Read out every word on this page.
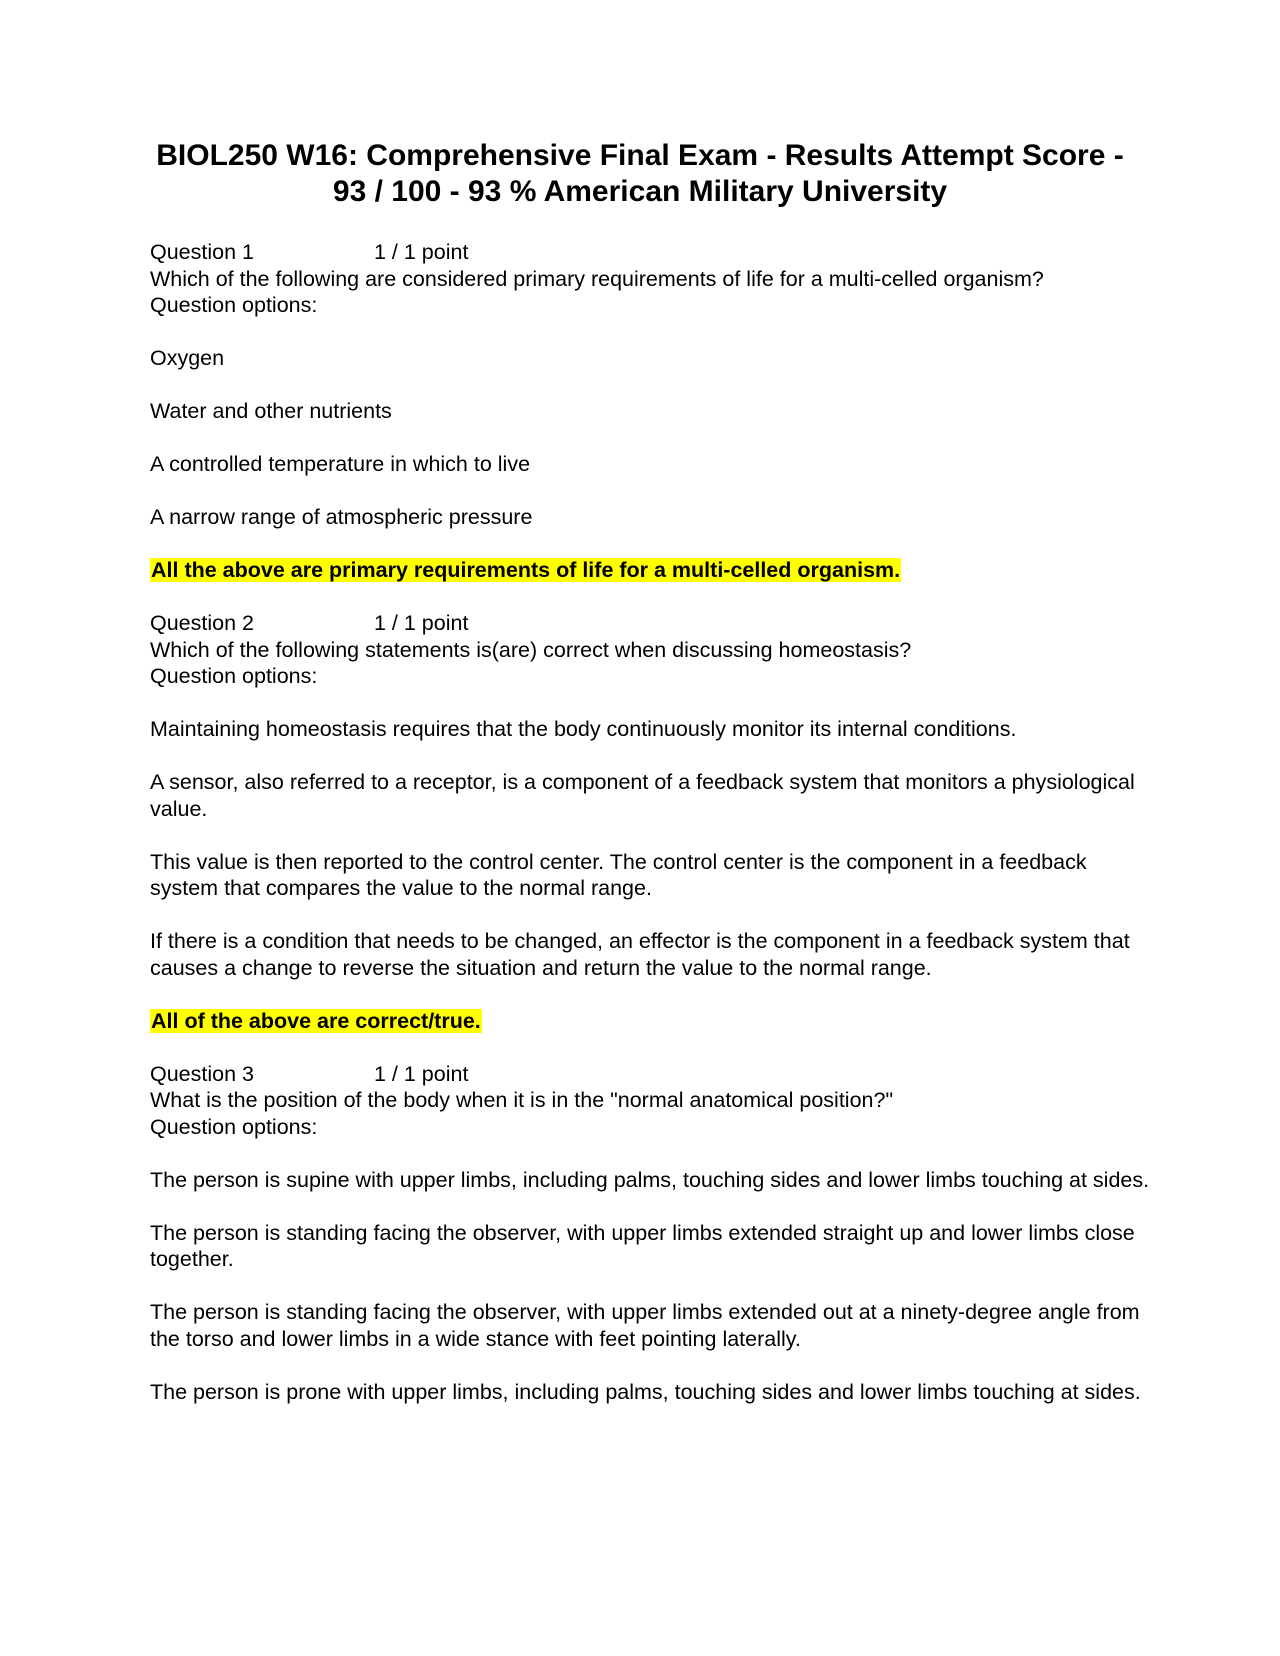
BIOL250 W16: Comprehensive Final Exam - Results Attempt Score - 93 / 100 - 93 % American Military University
Question 1	1 / 1 point
Which of the following are considered primary requirements of life for a multi-celled organism?
Question options:
Oxygen
Water and other nutrients
A controlled temperature in which to live
A narrow range of atmospheric pressure
All the above are primary requirements of life for a multi-celled organism.
Question 2	1 / 1 point
Which of the following statements is(are) correct when discussing homeostasis?
Question options:
Maintaining homeostasis requires that the body continuously monitor its internal conditions.
A sensor, also referred to a receptor, is a component of a feedback system that monitors a physiological value.
This value is then reported to the control center. The control center is the component in a feedback system that compares the value to the normal range.
If there is a condition that needs to be changed, an effector is the component in a feedback system that causes a change to reverse the situation and return the value to the normal range.
All of the above are correct/true.
Question 3	1 / 1 point
What is the position of the body when it is in the "normal anatomical position?"
Question options:
The person is supine with upper limbs, including palms, touching sides and lower limbs touching at sides.
The person is standing facing the observer, with upper limbs extended straight up and lower limbs close together.
The person is standing facing the observer, with upper limbs extended out at a ninety-degree angle from the torso and lower limbs in a wide stance with feet pointing laterally.
The person is prone with upper limbs, including palms, touching sides and lower limbs touching at sides.
